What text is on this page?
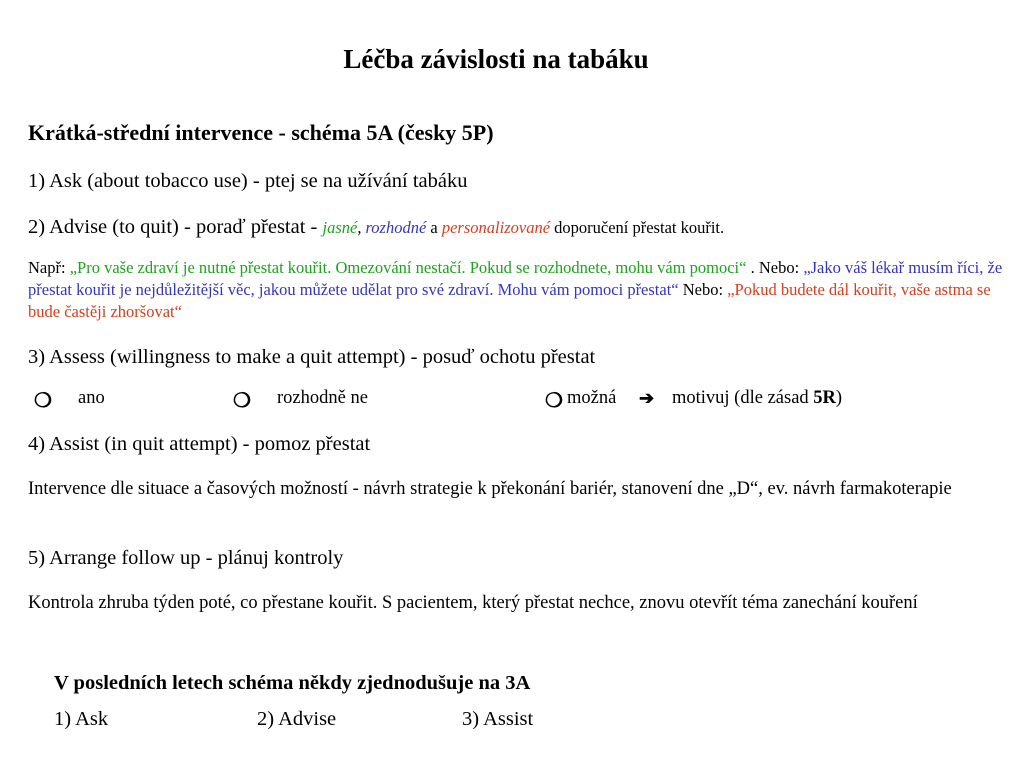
Léčba závislosti na tabáku
Krátká-střední intervence - schéma 5A (česky 5P)
1) Ask (about tobacco use) - ptej se na užívání tabáku
2) Advise (to quit) - poraď přestat - jasné, rozhodné a personalizované doporučení přestat kouřit.
Např: „Pro vaše zdraví je nutné přestat kouřit. Omezování nestačí. Pokud se rozhodnete, mohu vám pomoci“ . Nebo: „Jako váš lékař musím říci, že přestat kouřit je nejdůležitější věc, jakou můžete udělat pro své zdraví. Mohu vám pomoci přestat“ Nebo: „Pokud budete dál kouřit, vaše astma se bude častěji zhoršovat“
3) Assess (willingness to make a quit attempt) - posuď ochotu přestat
❍ ano	❍ rozhodně ne	❍ možná ➔ motivuj (dle zásad 5R)
4) Assist (in quit attempt) - pomoz přestat
Intervence dle situace a časových možností - návrh strategie k překonání bariér, stanovení dne „D“, ev. návrh farmakoterapie
5) Arrange follow up - plánuj kontroly
Kontrola zhruba týden poté, co přestane kouřit. S pacientem, který přestat nechce, znovu otevřít téma zanechání kouření
V posledních letech schéma někdy zjednodušuje na 3A
1) Ask	2) Advise	3) Assist
